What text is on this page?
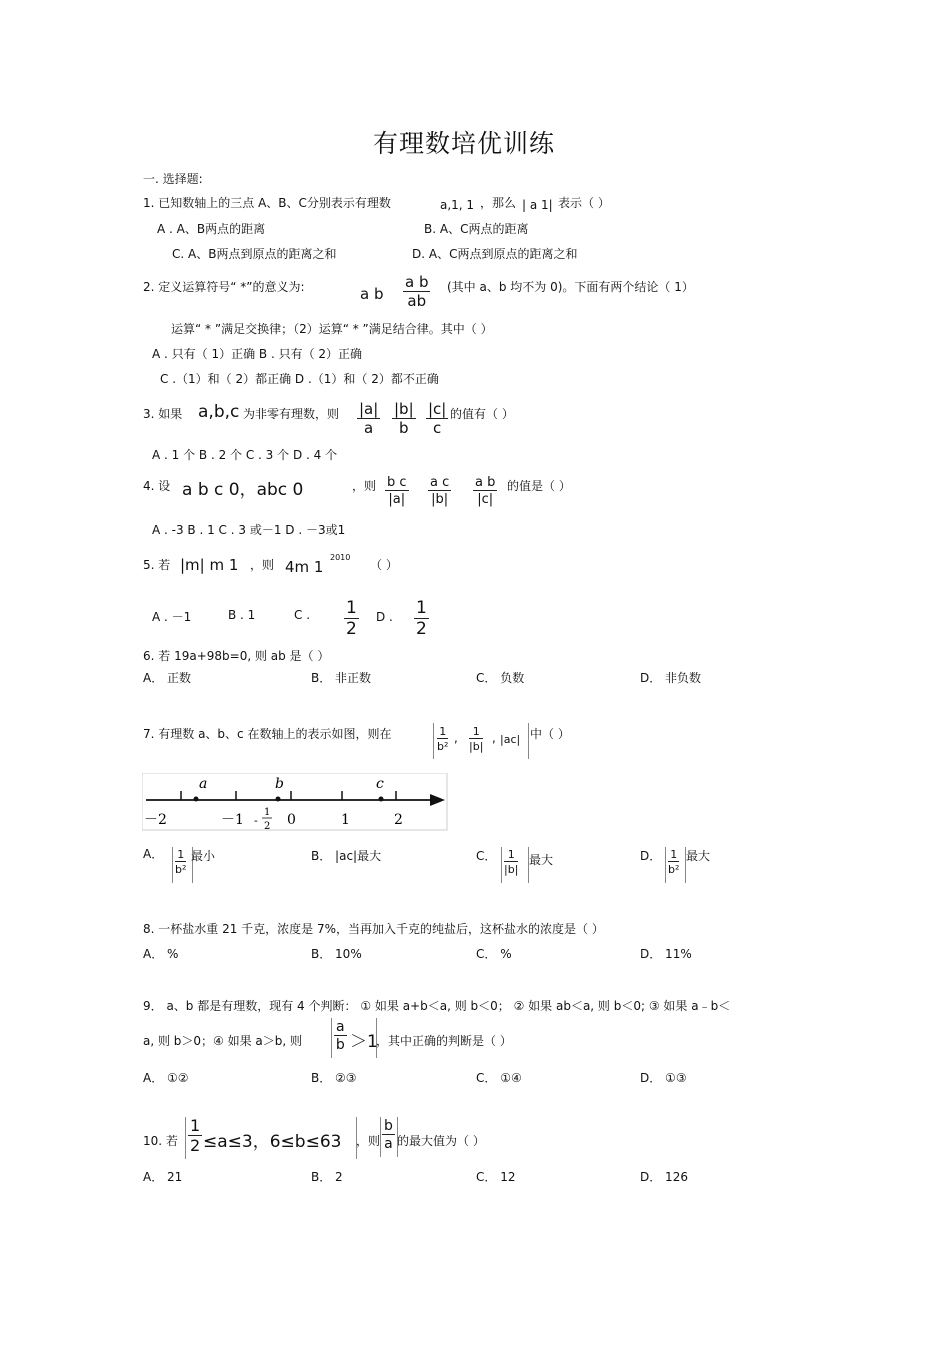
有理数培优训练
一. 选择题:
1. 已知数轴上的三点 A、B、C分别表示有理数	a,1, 1 ，那么 | a 1| 表示（ ）
A . A、B两点的距离	B. A、C两点的距离
C. A、B两点到原点的距离之和	D. A、C两点到原点的距离之和
2. 定义运算符号“ *”的意义为:	a b $\frac{\text{a b}}{ab}$ (其中 a、b 均不为 0)。下面有两个结论（ 1）
运算“ * ”满足交换律；（2）运算“ * ”满足结合律。其中（ ）
A . 只有（ 1）正确 B . 只有（ 2）正确
C .（1）和（ 2）都正确 D .（1）和（ 2）都不正确
3. 如果 a,b,c 为非零有理数，则 $\frac{|a|}{a} \frac{|b|}{b} \frac{|c|}{c}$ 的值有（ ）
A . 1 个 B . 2 个 C . 3 个 D . 4 个
4. 设 a b c 0，abc 0	，则 $\frac{\text{b c}}{|a|} \frac{\text{a c}}{|b|} \frac{\text{a b}}{|c|}$ 的值是（ ）
A . -3 B . 1 C . 3 或－1 D . －3或1
5. 若 |m| m 1 ，则 4m 1
2010
（ ）
A . －1	B . 1	C . $\frac{1}{2}$ D . $\frac{1}{2}$
6. 若 19a+98b=0, 则 ab 是（ ）
A． 正数	B． 非正数	C． 负数	D． 非负数
7. 有理数 a、b、c 在数轴上的表示如图，则在	$\frac{1}{\text{b²}}$ , $\frac{1}{|b|}$ , |ac| 中（ ）
a	b	c
－2	－1 -
1
2 0	1	2
A． $\frac{1}{\text{b²}}$ 最小	B． |ac|最大	C． $\frac{1}{|b|}$ 最大	D． $\frac{1}{\text{b²}}$ 最大
8. 一杯盐水重 21 千克，浓度是 7%，当再加入千克的纯盐后，这杯盐水的浓度是（ ）
A． %	B． 10%	C． %	D． 11%
9． a、b 都是有理数，现有 4 个判断： ① 如果 a+b＜a, 则 b＜0； ② 如果 ab＜a, 则 b＜0; ③ 如果 a﹣b＜
a, 则 b＞0；④ 如果 a＞b, 则 $\frac{a}{b} >1$
，其中正确的判断是（ ）
A． ①②	B． ②③	C． ①④	D． ①③
10. 若 $\frac{1}{2} \le a\le 3$，6≤b≤63 ，则 $\frac{b}{a}$ 的最大值为（ ）
A． 21	B． 2	C． 12	D． 126
